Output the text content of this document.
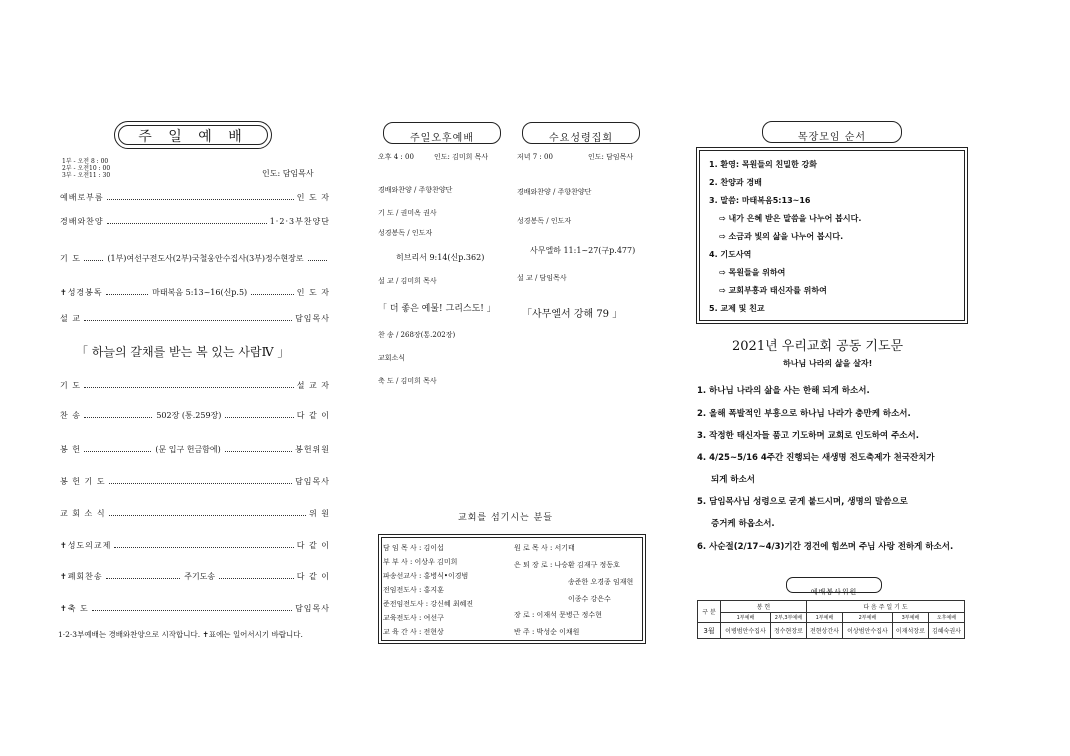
주 일 예 배
1부 - 오전 8 : 00
2부 - 오전10 : 00
3부 - 오전11 : 30	인도: 담임목사
예배로부름	인 도 자
경배와찬양	1·2·3부찬양단
기 도	(1부)여선구전도사(2부)국철웅안수집사(3부)정수현장로
✝성경봉독	마태복음 5:13~16(신p.5)	인 도 자
설 교	담임목사
「 하늘의 갈채를 받는 복 있는 사람Ⅳ 」
기 도	설 교 자
찬 송	502장 (통.259장)	다 같 이
봉 헌	(문 입구 헌금함에)	봉헌위원
봉 헌 기 도	담임목사
교 회 소 식	위 원
✝성도의교제	다 같 이
✝폐회찬송	주기도송	다 같 이
✝축 도	담임목사
1·2·3부예배는 경배와찬양으로 시작합니다. ✝표에는 일어서시기 바랍니다.
주일오후예배	수요성령집회
오후 4 : 00	인도: 김미희 목사	저녁 7 : 00	인도: 담임목사
경배와찬양 / 주향찬양단
기 도 / 권미옥 권사
성경봉독 / 인도자
히브리서 9:14(신p.362)
설 교 / 김미희 목사
「 더 좋은 예물! 그리스도! 」
찬 송 / 268장(통.202장)
교회소식
축 도 / 김미희 목사
경배와찬양 / 주향찬양단
성경봉독 / 인도자
사무엘하 11:1~27(구p.477)
설 교 / 담임목사
「사무엘서 강해 79 」
교회를 섬기시는 분들
담 임 목 사 : 김이섭
부 부 사 : 이상우 김미희
파송선교사 : 홍병식•이경범
전임전도사 : 홍지훈
준전임전도사 : 강신혜 최혜진
교육전도사 : 여선구
교 육 간 사 : 전현상
원 로 목 사 : 서기태
은 퇴 장 로 : 나승환 김재구 정동호
송준한 오경종 임재현
이종수 강은수
장 로 : 이재석 문병근 정수현
반 주 : 박성순 이채원
목장모임 순서
1. 환영: 목원들의 친밀한 강화
2. 찬양과 경배
3. 말씀: 마태복음5:13~16
⇨ 내가 은혜 받은 말씀을 나누어 봅시다.
⇨ 소금과 빛의 삶을 나누어 봅시다.
4. 기도사역
⇨ 목원들을 위하여
⇨ 교회부흥과 태신자를 위하여
5. 교제 및 친교
2021년 우리교회 공동 기도문
하나님 나라의 삶을 살자!
1. 하나님 나라의 삶을 사는 한해 되게 하소서.
2. 올해 폭발적인 부흥으로 하나님 나라가 충만케 하소서.
3. 작정한 태신자들 품고 기도하며 교회로 인도하여 주소서.
4. 4/25~5/16 4주간 진행되는 새생명 전도축제가 천국잔치가
되게 하소서
5. 담임목사님 성령으로 굳게 붙드시며, 생명의 말씀으로
증거케 하옵소서.
6. 사순절(2/17~4/3)기간 경건에 힘쓰며 주님 사랑 전하게 하소서.
예배봉사위원
구 분	봉 헌		다 음 주 일 기 도			
	1부예배	2부,3부예배	1부예배	2부예배	3부예배	오후예배
3월	이병범안수집사	정수현장로	전현상간사	이상범안수집사	이재석장로	김혜숙권사
